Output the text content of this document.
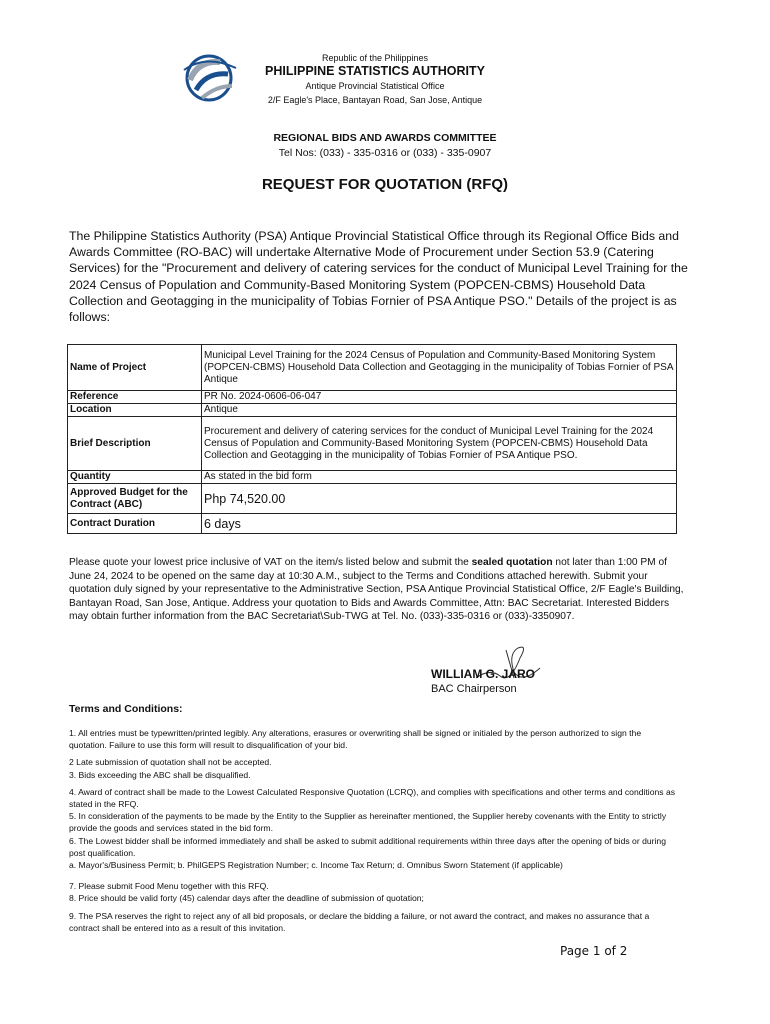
Republic of the Philippines
PHILIPPINE STATISTICS AUTHORITY
Antique Provincial Statistical Office
2/F Eagle's Place, Bantayan Road, San Jose, Antique
REGIONAL BIDS AND AWARDS COMMITTEE
Tel Nos: (033) - 335-0316 or (033) - 335-0907
REQUEST FOR QUOTATION (RFQ)
The Philippine Statistics Authority (PSA) Antique Provincial Statistical Office through its Regional Office Bids and Awards Committee (RO-BAC) will undertake Alternative Mode of Procurement under Section 53.9 (Catering Services) for the "Procurement and delivery of catering services for the conduct of Municipal Level Training for the 2024 Census of Population and Community-Based Monitoring System (POPCEN-CBMS) Household Data Collection and Geotagging in the municipality of Tobias Fornier of PSA Antique PSO." Details of the project is as follows:
Name of Project	Municipal Level Training for the 2024 Census of Population and Community-Based Monitoring System (POPCEN-CBMS) Household Data Collection and Geotagging in the municipality of Tobias Fornier of PSA Antique
Reference	PR No. 2024-0606-06-047
Location	Antique
Brief Description	Procurement and delivery of catering services for the conduct of Municipal Level Training for the 2024 Census of Population and Community-Based Monitoring System (POPCEN-CBMS) Household Data Collection and Geotagging in the municipality of Tobias Fornier of PSA Antique PSO.
Quantity	As stated in the bid form
Approved Budget for the Contract (ABC)	Php 74,520.00
Contract Duration	6 days
Please quote your lowest price inclusive of VAT on the item/s listed below and submit the sealed quotation not later than 1:00 PM of June 24, 2024 to be opened on the same day at 10:30 A.M., subject to the Terms and Conditions attached herewith. Submit your quotation duly signed by your representative to the Administrative Section, PSA Antique Provincial Statistical Office, 2/F Eagle's Building, Bantayan Road, San Jose, Antique. Address your quotation to Bids and Awards Committee, Attn: BAC Secretariat. Interested Bidders may obtain further information from the BAC Secretariat\Sub-TWG at Tel. No. (033)-335-0316 or (033)-3350907.
WILLIAM G. JARO
BAC Chairperson
Terms and Conditions:

1. All entries must be typewritten/printed legibly. Any alterations, erasures or overwriting shall be signed or initialed by the person authorized to sign the quotation. Failure to use this form will result to disqualification of your bid.

2 Late submission of quotation shall not be accepted.

3. Bids exceeding the ABC shall be disqualified.

4. Award of contract shall be made to the Lowest Calculated Responsive Quotation (LCRQ), and complies with specifications and other terms and conditions as stated in the RFQ.

5. In consideration of the payments to be made by the Entity to the Supplier as hereinafter mentioned, the Supplier hereby covenants with the Entity to strictly provide the goods and services stated in the bid form.

6. The Lowest bidder shall be informed immediately and shall be asked to submit additional requirements within three days after the opening of bids or during post qualification.

a. Mayor's/Business Permit; b. PhilGEPS Registration Number; c. Income Tax Return; d. Omnibus Sworn Statement (if applicable)

7. Please submit Food Menu together with this RFQ.

8. Price should be valid forty (45) calendar days after the deadline of submission of quotation;

9. The PSA reserves the right to reject any of all bid proposals, or declare the bidding a failure, or not award the contract, and makes no assurance that a contract shall be entered into as a result of this invitation.

Page 1 of 2
